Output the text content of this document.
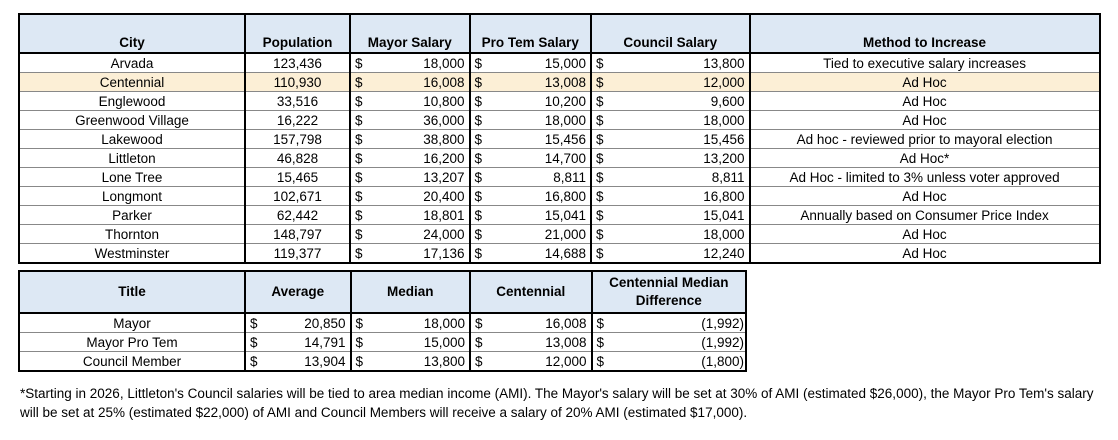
City	Population	Mayor Salary		Pro Tem Salary		Council Salary		Method to Increase
Arvada	123,436	$	18,000	$	15,000	$	13,800	Tied to executive salary increases
Centennial	110,930	$	16,008	$	13,008	$	12,000	Ad Hoc
Englewood	33,516	$	10,800	$	10,200	$	9,600	Ad Hoc
Greenwood Village	16,222	$	36,000	$	18,000	$	18,000	Ad Hoc
Lakewood	157,798	$	38,800	$	15,456	$	15,456	Ad hoc - reviewed prior to mayoral election
Littleton	46,828	$	16,200	$	14,700	$	13,200	Ad Hoc*
Lone Tree	15,465	$	13,207	$	8,811	$	8,811	Ad Hoc - limited to 3% unless voter approved
Longmont	102,671	$	20,400	$	16,800	$	16,800	Ad Hoc
Parker	62,442	$	18,801	$	15,041	$	15,041	Annually based on Consumer Price Index
Thornton	148,797	$	24,000	$	21,000	$	18,000	Ad Hoc
Westminster	119,377	$	17,136	$	14,688	$	12,240	Ad Hoc
Title	Average		Median		Centennial		Centennial Median Difference	
Mayor	$	20,850	$	18,000	$	16,008	$	(1,992)
Mayor Pro Tem	$	14,791	$	15,000	$	13,008	$	(1,992)
Council Member	$	13,904	$	13,800	$	12,000	$	(1,800)
*Starting in 2026, Littleton's Council salaries will be tied to area median income (AMI). The Mayor's salary will be set at 30% of AMI (estimated $26,000), the Mayor Pro Tem's salary will be set at 25% (estimated $22,000) of AMI and Council Members will receive a salary of 20% AMI (estimated $17,000).
